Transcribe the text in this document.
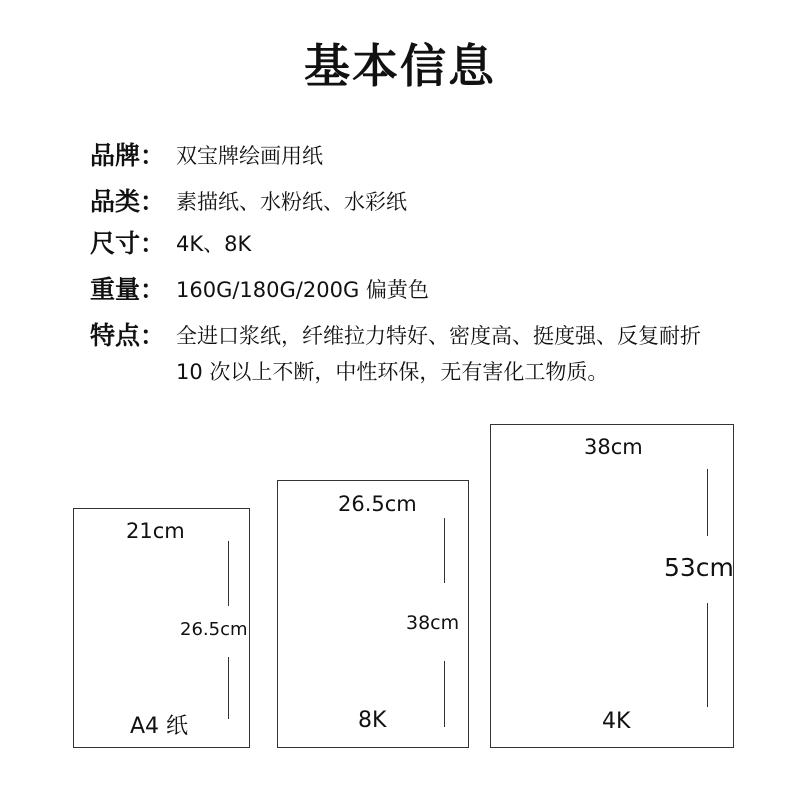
基本信息
品牌： 双宝牌绘画用纸
品类： 素描纸、水粉纸、水彩纸
尺寸： 4K、8K
重量： 160G/180G/200G 偏黄色
特点： 全进口浆纸，纤维拉力特好、密度高、挺度强、反复耐折
10 次以上不断，中性环保，无有害化工物质。
21cm
26.5cm
A4 纸
26.5cm
38cm
8K
38cm
53cm
4K
